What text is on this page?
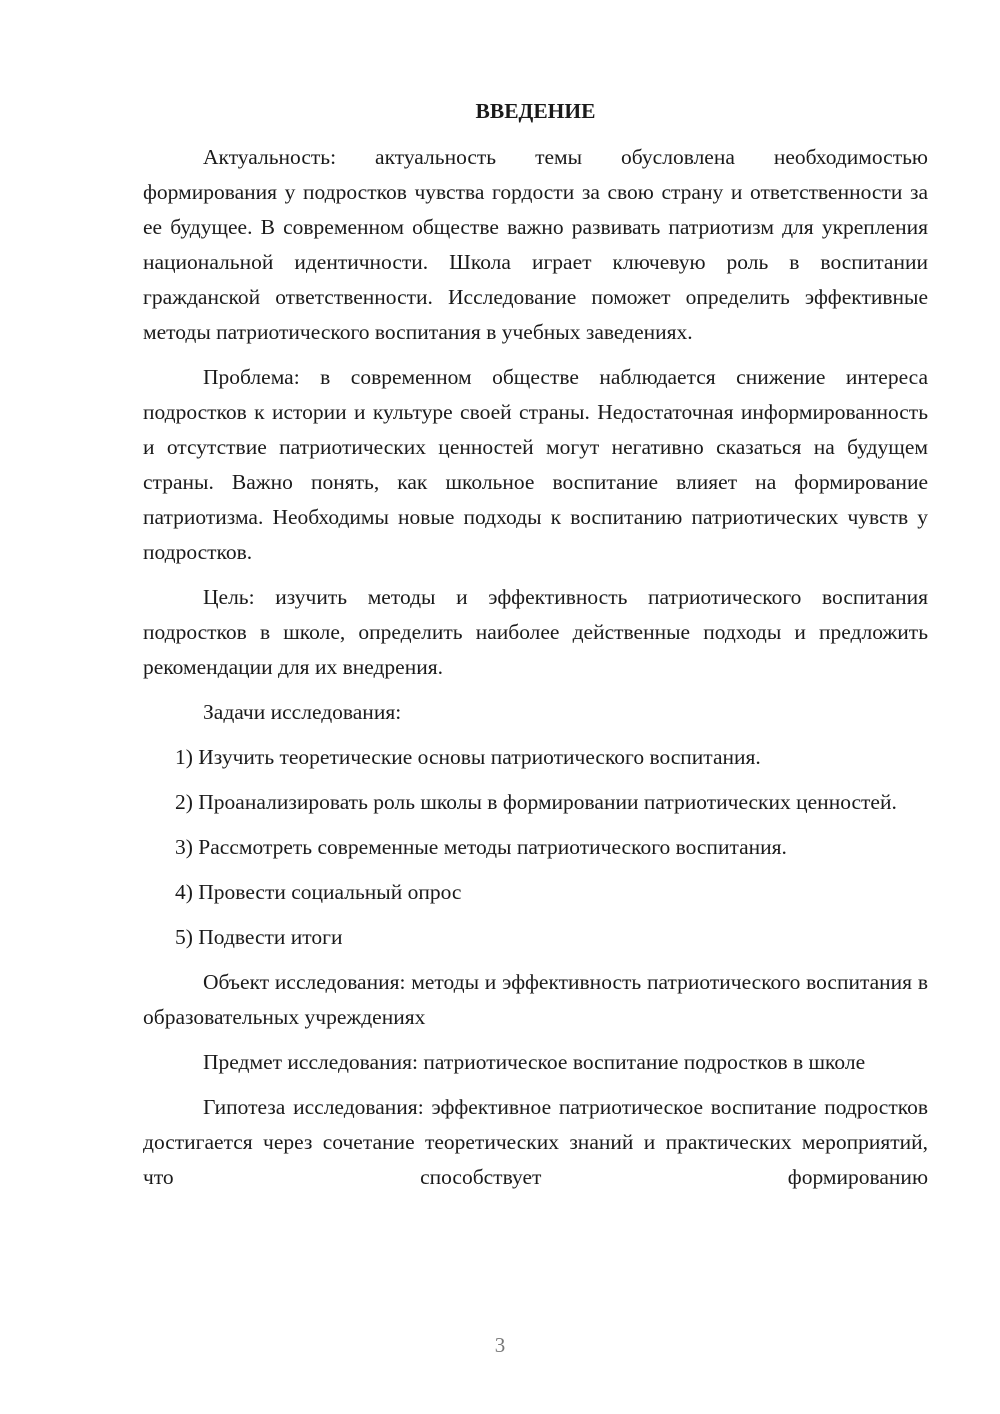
ВВЕДЕНИЕ

Актуальность: актуальность темы обусловлена необходимостью формирования у подростков чувства гордости за свою страну и ответственности за ее будущее. В современном обществе важно развивать патриотизм для укрепления национальной идентичности. Школа играет ключевую роль в воспитании гражданской ответственности. Исследование поможет определить эффективные методы патриотического воспитания в учебных заведениях.

Проблема: в современном обществе наблюдается снижение интереса подростков к истории и культуре своей страны. Недостаточная информированность и отсутствие патриотических ценностей могут негативно сказаться на будущем страны. Важно понять, как школьное воспитание влияет на формирование патриотизма. Необходимы новые подходы к воспитанию патриотических чувств у подростков.

Цель: изучить методы и эффективность патриотического воспитания подростков в школе, определить наиболее действенные подходы и предложить рекомендации для их внедрения.

Задачи исследования:

1) Изучить теоретические основы патриотического воспитания.

2) Проанализировать роль школы в формировании патриотических ценностей.

3) Рассмотреть современные методы патриотического воспитания.

4) Провести социальный опрос

5) Подвести итоги

Объект исследования: методы и эффективность патриотического воспитания в образовательных учреждениях

Предмет исследования: патриотическое воспитание подростков в школе

Гипотеза исследования: эффективное патриотическое воспитание подростков достигается через сочетание теоретических знаний и практических мероприятий, что способствует формированию

3
